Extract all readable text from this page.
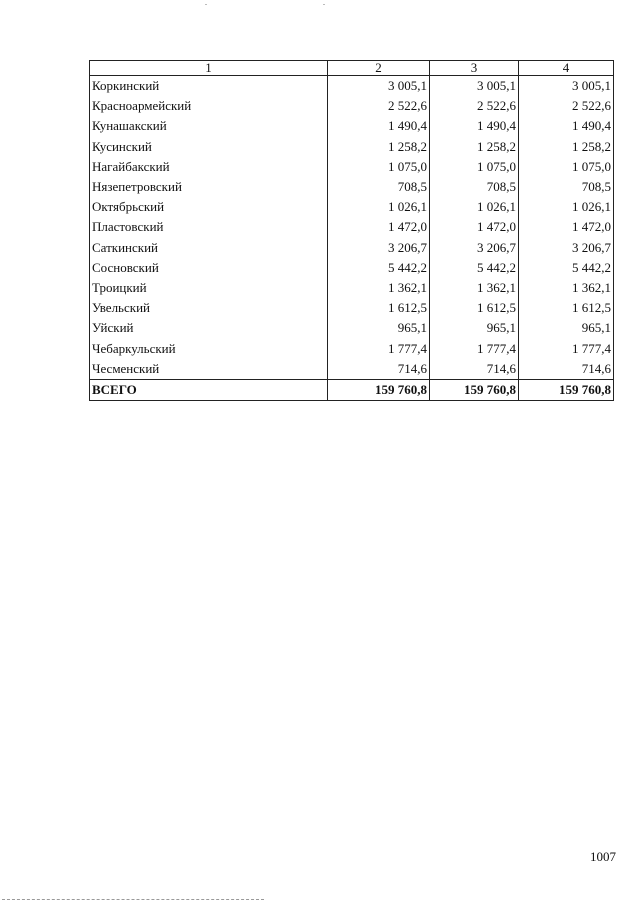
1	2	3	4
Коркинский	3 005,1	3 005,1	3 005,1
Красноармейский	2 522,6	2 522,6	2 522,6
Кунашакский	1 490,4	1 490,4	1 490,4
Кусинский	1 258,2	1 258,2	1 258,2
Нагайбакский	1 075,0	1 075,0	1 075,0
Нязепетровский	708,5	708,5	708,5
Октябрьский	1 026,1	1 026,1	1 026,1
Пластовский	1 472,0	1 472,0	1 472,0
Саткинский	3 206,7	3 206,7	3 206,7
Сосновский	5 442,2	5 442,2	5 442,2
Троицкий	1 362,1	1 362,1	1 362,1
Увельский	1 612,5	1 612,5	1 612,5
Уйский	965,1	965,1	965,1
Чебаркульский	1 777,4	1 777,4	1 777,4
Чесменский	714,6	714,6	714,6
ВСЕГО	159 760,8	159 760,8	159 760,8
1007
